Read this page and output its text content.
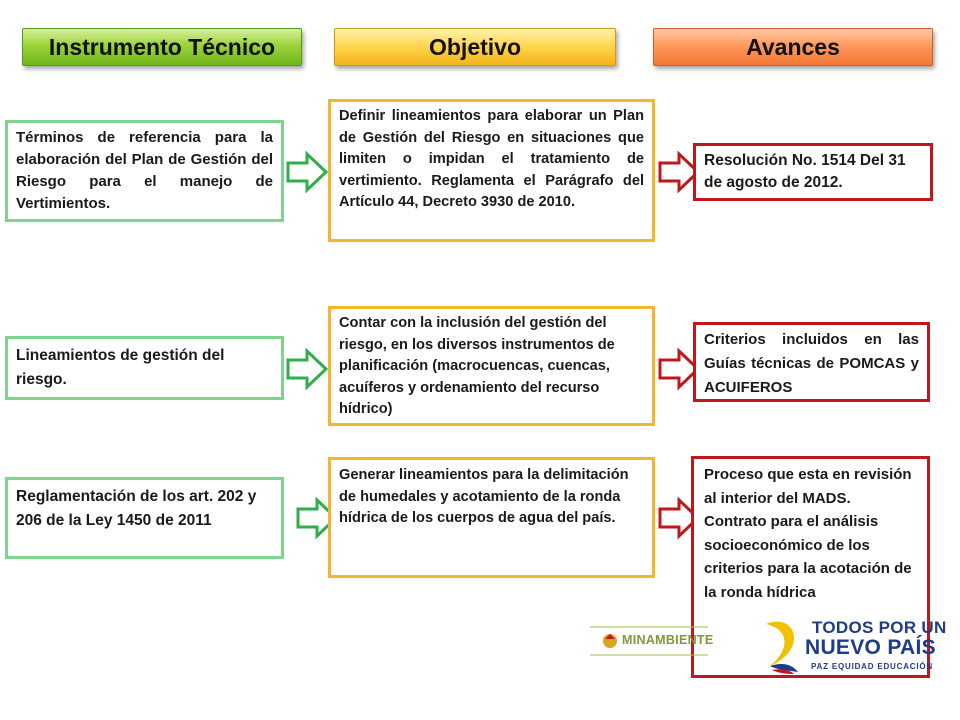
Instrumento Técnico	Objetivo	Avances
Términos de referencia para la elaboración del Plan de Gestión del Riesgo para el manejo de Vertimientos.
Definir lineamientos para elaborar un Plan de Gestión del Riesgo en situaciones que limiten o impidan el tratamiento de vertimiento. Reglamenta el Parágrafo del Artículo 44, Decreto 3930 de 2010.
Resolución No. 1514 Del 31 de agosto de 2012.
Lineamientos de gestión del riesgo.
Contar con la inclusión del gestión del riesgo, en los diversos instrumentos de planificación (macrocuencas, cuencas, acuíferos y ordenamiento del recurso hídrico)
Criterios incluidos en las Guías técnicas de POMCAS y ACUIFEROS
Reglamentación de los art. 202 y 206 de la Ley 1450 de 2011
Generar lineamientos para la delimitación de humedales y acotamiento de la ronda hídrica de los cuerpos de agua del país.
Proceso que esta en revisión al interior del MADS. Contrato para el análisis socioeconómico de los criterios para la acotación de la ronda hídrica
MINAMBIENTE
TODOS POR UN
NUEVO PAÍS
PAZ EQUIDAD EDUCACIÓN
